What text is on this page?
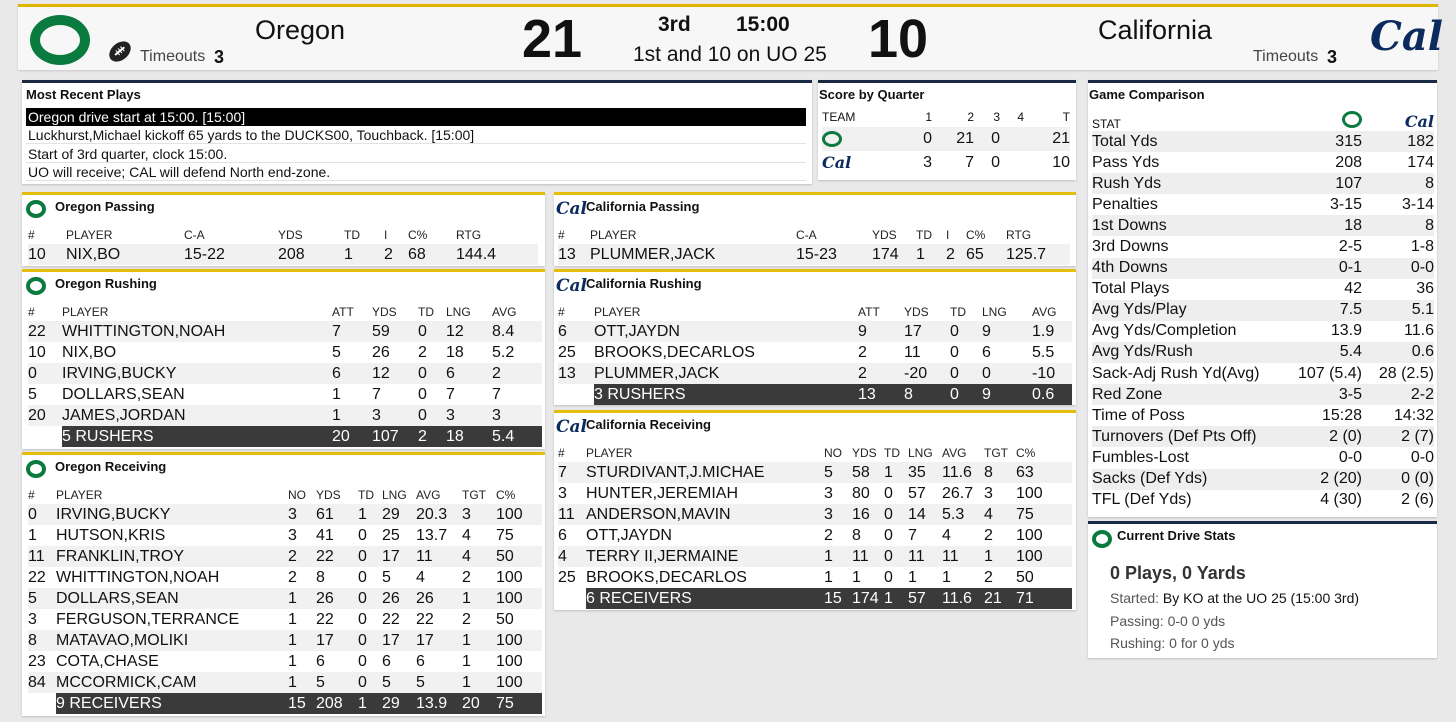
Timeouts 3
Oregon	21	3rd 15:00
1st and 10 on UO 25 10	California
Timeouts 3 Cal
Most Recent Plays
Oregon drive start at 15:00. [15:00]
Luckhurst,Michael kickoff 65 yards to the DUCKS00, Touchback. [15:00]
Start of 3rd quarter, clock 15:00.
UO will receive; CAL will defend North end-zone.
Score by Quarter
TEAM	1	2	3	4	T
	0	21	0		21
Cal	3	7	0		10
Oregon Passing
#	PLAYER	C-A	YDS	TD	I	C%	RTG
10	NIX,BO	15-22	208	1	2	68	144.4
Cal
California Passing
#	PLAYER	C-A	YDS	TD	I	C%	RTG
13	PLUMMER,JACK	15-23	174	1	2	65	125.7
Oregon Rushing
#	PLAYER	ATT	YDS	TD	LNG	AVG
22	WHITTINGTON,NOAH	7	59	0	12	8.4
10	NIX,BO	5	26	2	18	5.2
0	IRVING,BUCKY	6	12	0	6	2
5	DOLLARS,SEAN	1	7	0	7	7
20	JAMES,JORDAN	1	3	0	3	3
	5 RUSHERS	20	107	2	18	5.4
Cal
California Rushing
#	PLAYER	ATT	YDS	TD	LNG	AVG
6	OTT,JAYDN	9	17	0	9	1.9
25	BROOKS,DECARLOS	2	11	0	6	5.5
13	PLUMMER,JACK	2	-20	0	0	-10
	3 RUSHERS	13	8	0	9	0.6
Oregon Receiving
#	PLAYER	NO	YDS	TD	LNG	AVG	TGT	C%
0	IRVING,BUCKY	3	61	1	29	20.3	3	100
1	HUTSON,KRIS	3	41	0	25	13.7	4	75
11	FRANKLIN,TROY	2	22	0	17	11	4	50
22	WHITTINGTON,NOAH	2	8	0	5	4	2	100
5	DOLLARS,SEAN	1	26	0	26	26	1	100
3	FERGUSON,TERRANCE	1	22	0	22	22	2	50
8	MATAVAO,MOLIKI	1	17	0	17	17	1	100
23	COTA,CHASE	1	6	0	6	6	1	100
84	MCCORMICK,CAM	1	5	0	5	5	1	100
	9 RECEIVERS	15	208	1	29	13.9	20	75
Cal
California Receiving
#	PLAYER	NO	YDS	TD	LNG	AVG	TGT	C%
7	STURDIVANT,J.MICHAE	5	58	1	35	11.6	8	63
3	HUNTER,JEREMIAH	3	80	0	57	26.7	3	100
11	ANDERSON,MAVIN	3	16	0	14	5.3	4	75
6	OTT,JAYDN	2	8	0	7	4	2	100
4	TERRY II,JERMAINE	1	11	0	11	11	1	100
25	BROOKS,DECARLOS	1	1	0	1	1	2	50
	6 RECEIVERS	15	174	1	57	11.6	21	71
Game Comparison
STAT		Cal
Total Yds	315	182
Pass Yds	208	174
Rush Yds	107	8
Penalties	3-15	3-14
1st Downs	18	8
3rd Downs	2-5	1-8
4th Downs	0-1	0-0
Total Plays	42	36
Avg Yds/Play	7.5	5.1
Avg Yds/Completion	13.9	11.6
Avg Yds/Rush	5.4	0.6
Sack-Adj Rush Yd(Avg)	107 (5.4)	28 (2.5)
Red Zone	3-5	2-2
Time of Poss	15:28	14:32
Turnovers (Def Pts Off)	2 (0)	2 (7)
Fumbles-Lost	0-0	0-0
Sacks (Def Yds)	2 (20)	0 (0)
TFL (Def Yds)	4 (30)	2 (6)
Current Drive Stats
0 Plays, 0 Yards
Started: By KO at the UO 25 (15:00 3rd)
Passing: 0-0 0 yds
Rushing: 0 for 0 yds
